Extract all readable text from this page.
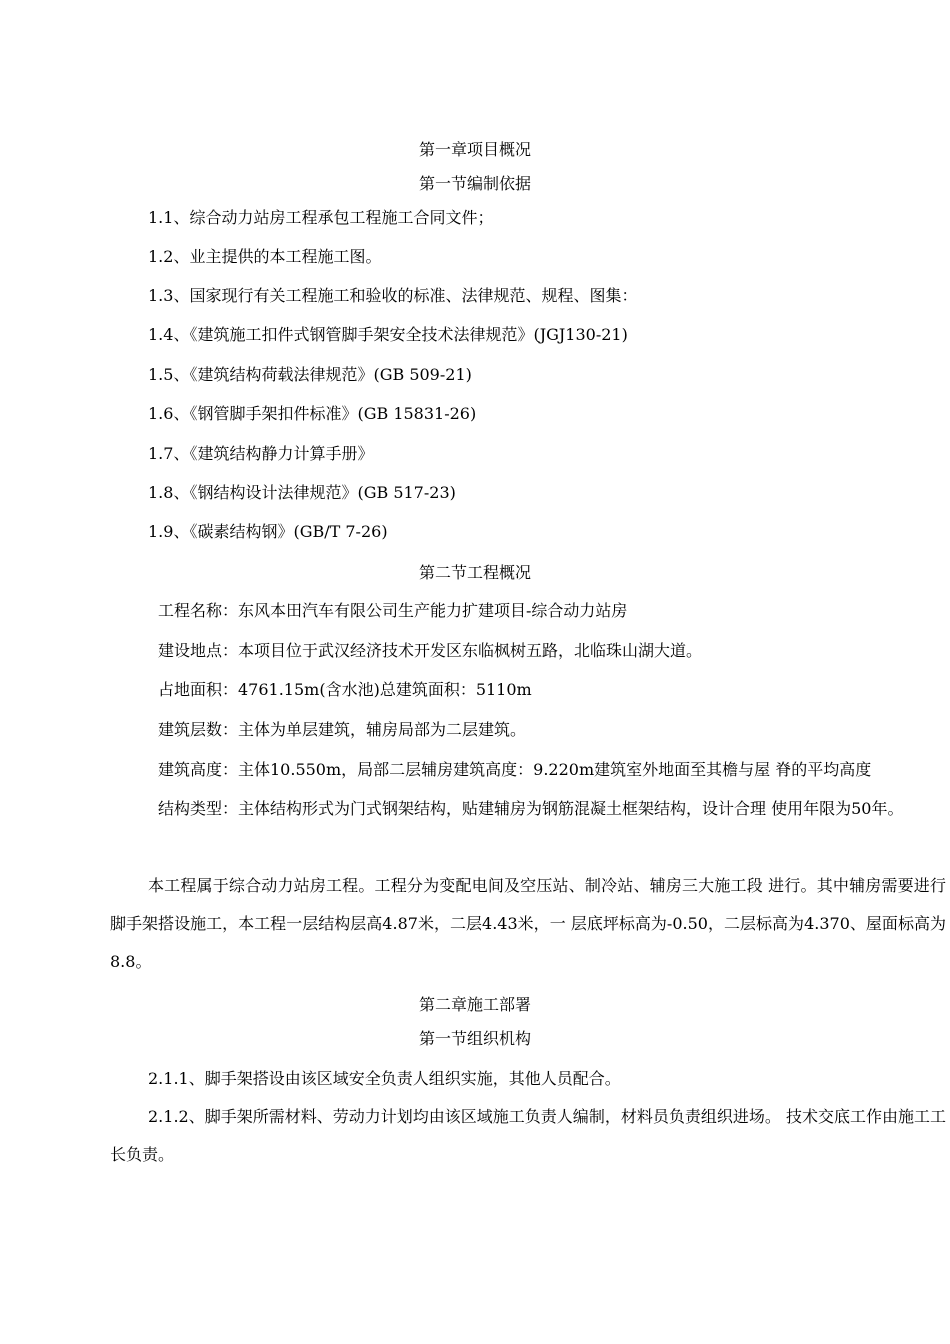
第一章项目概况
第一节编制依据
1.1、综合动力站房工程承包工程施工合同文件；
1.2、业主提供的本工程施工图。
1.3、国家现行有关工程施工和验收的标准、法律规范、规程、图集：
1.4、《建筑施工扣件式钢管脚手架安全技术法律规范》(JGJ130-21)
1.5、《建筑结构荷载法律规范》(GB 509-21)
1.6、《钢管脚手架扣件标准》(GB 15831-26)
1.7、《建筑结构静力计算手册》
1.8、《钢结构设计法律规范》(GB 517-23)
1.9、《碳素结构钢》(GB/T 7-26)
第二节工程概况
工程名称：东风本田汽车有限公司生产能力扩建项目-综合动力站房
建设地点：本项目位于武汉经济技术开发区东临枫树五路，北临珠山湖大道。
占地面积：4761.15m(含水池)总建筑面积：5110m
建筑层数：主体为单层建筑，辅房局部为二层建筑。
建筑高度：主体10.550m，局部二层辅房建筑高度：9.220m建筑室外地面至其檐与屋 脊的平均高度
结构类型：主体结构形式为门式钢架结构，贴建辅房为钢筋混凝土框架结构，设计合理 使用年限为50年。
本工程属于综合动力站房工程。工程分为变配电间及空压站、制冷站、辅房三大施工段 进行。其中辅房需要进行脚手架搭设施工，本工程一层结构层高4.87米，二层4.43米，一 层底坪标高为-0.50，二层标高为4.370、屋面标高为8.8。
第二章施工部署
第一节组织机构
2.1.1、脚手架搭设由该区域安全负责人组织实施，其他人员配合。
2.1.2、脚手架所需材料、劳动力计划均由该区域施工负责人编制，材料员负责组织进场。 技术交底工作由施工工长负责。
